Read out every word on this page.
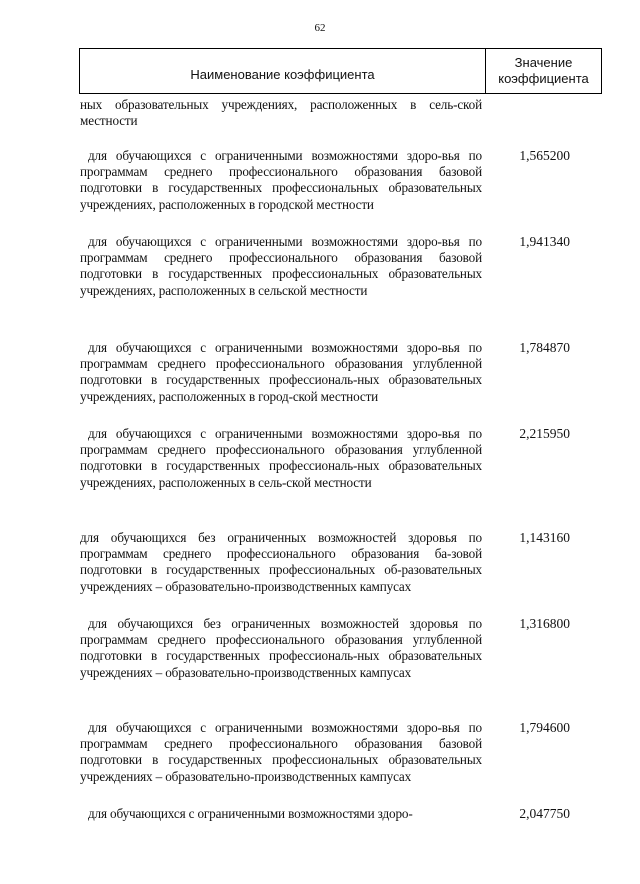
62
Наименование коэффициента
Значение
коэффициента
ных образовательных учреждениях, расположенных в сель-ской местности
для обучающихся с ограниченными возможностями здоро-вья по программам среднего профессионального образования базовой подготовки в государственных профессиональных образовательных учреждениях, расположенных в городской местности
1,565200
для обучающихся с ограниченными возможностями здоро-вья по программам среднего профессионального образования базовой подготовки в государственных профессиональных образовательных учреждениях, расположенных в сельской местности
1,941340
для обучающихся с ограниченными возможностями здоро-вья по программам среднего профессионального образования углубленной подготовки в государственных профессиональ-ных образовательных учреждениях, расположенных в город-ской местности
1,784870
для обучающихся с ограниченными возможностями здоро-вья по программам среднего профессионального образования углубленной подготовки в государственных профессиональ-ных образовательных учреждениях, расположенных в сель-ской местности
2,215950
для обучающихся без ограниченных возможностей здоровья по программам среднего профессионального образования ба-зовой подготовки в государственных профессиональных об-разовательных учреждениях – образовательно-производственных кампусах
1,143160
для обучающихся без ограниченных возможностей здоровья по программам среднего профессионального образования углубленной подготовки в государственных профессиональ-ных образовательных учреждениях – образовательно-производственных кампусах
1,316800
для обучающихся с ограниченными возможностями здоро-вья по программам среднего профессионального образования базовой подготовки в государственных профессиональных образовательных учреждениях – образовательно-производственных кампусах
1,794600
для обучающихся с ограниченными возможностями здоро-	2,047750
